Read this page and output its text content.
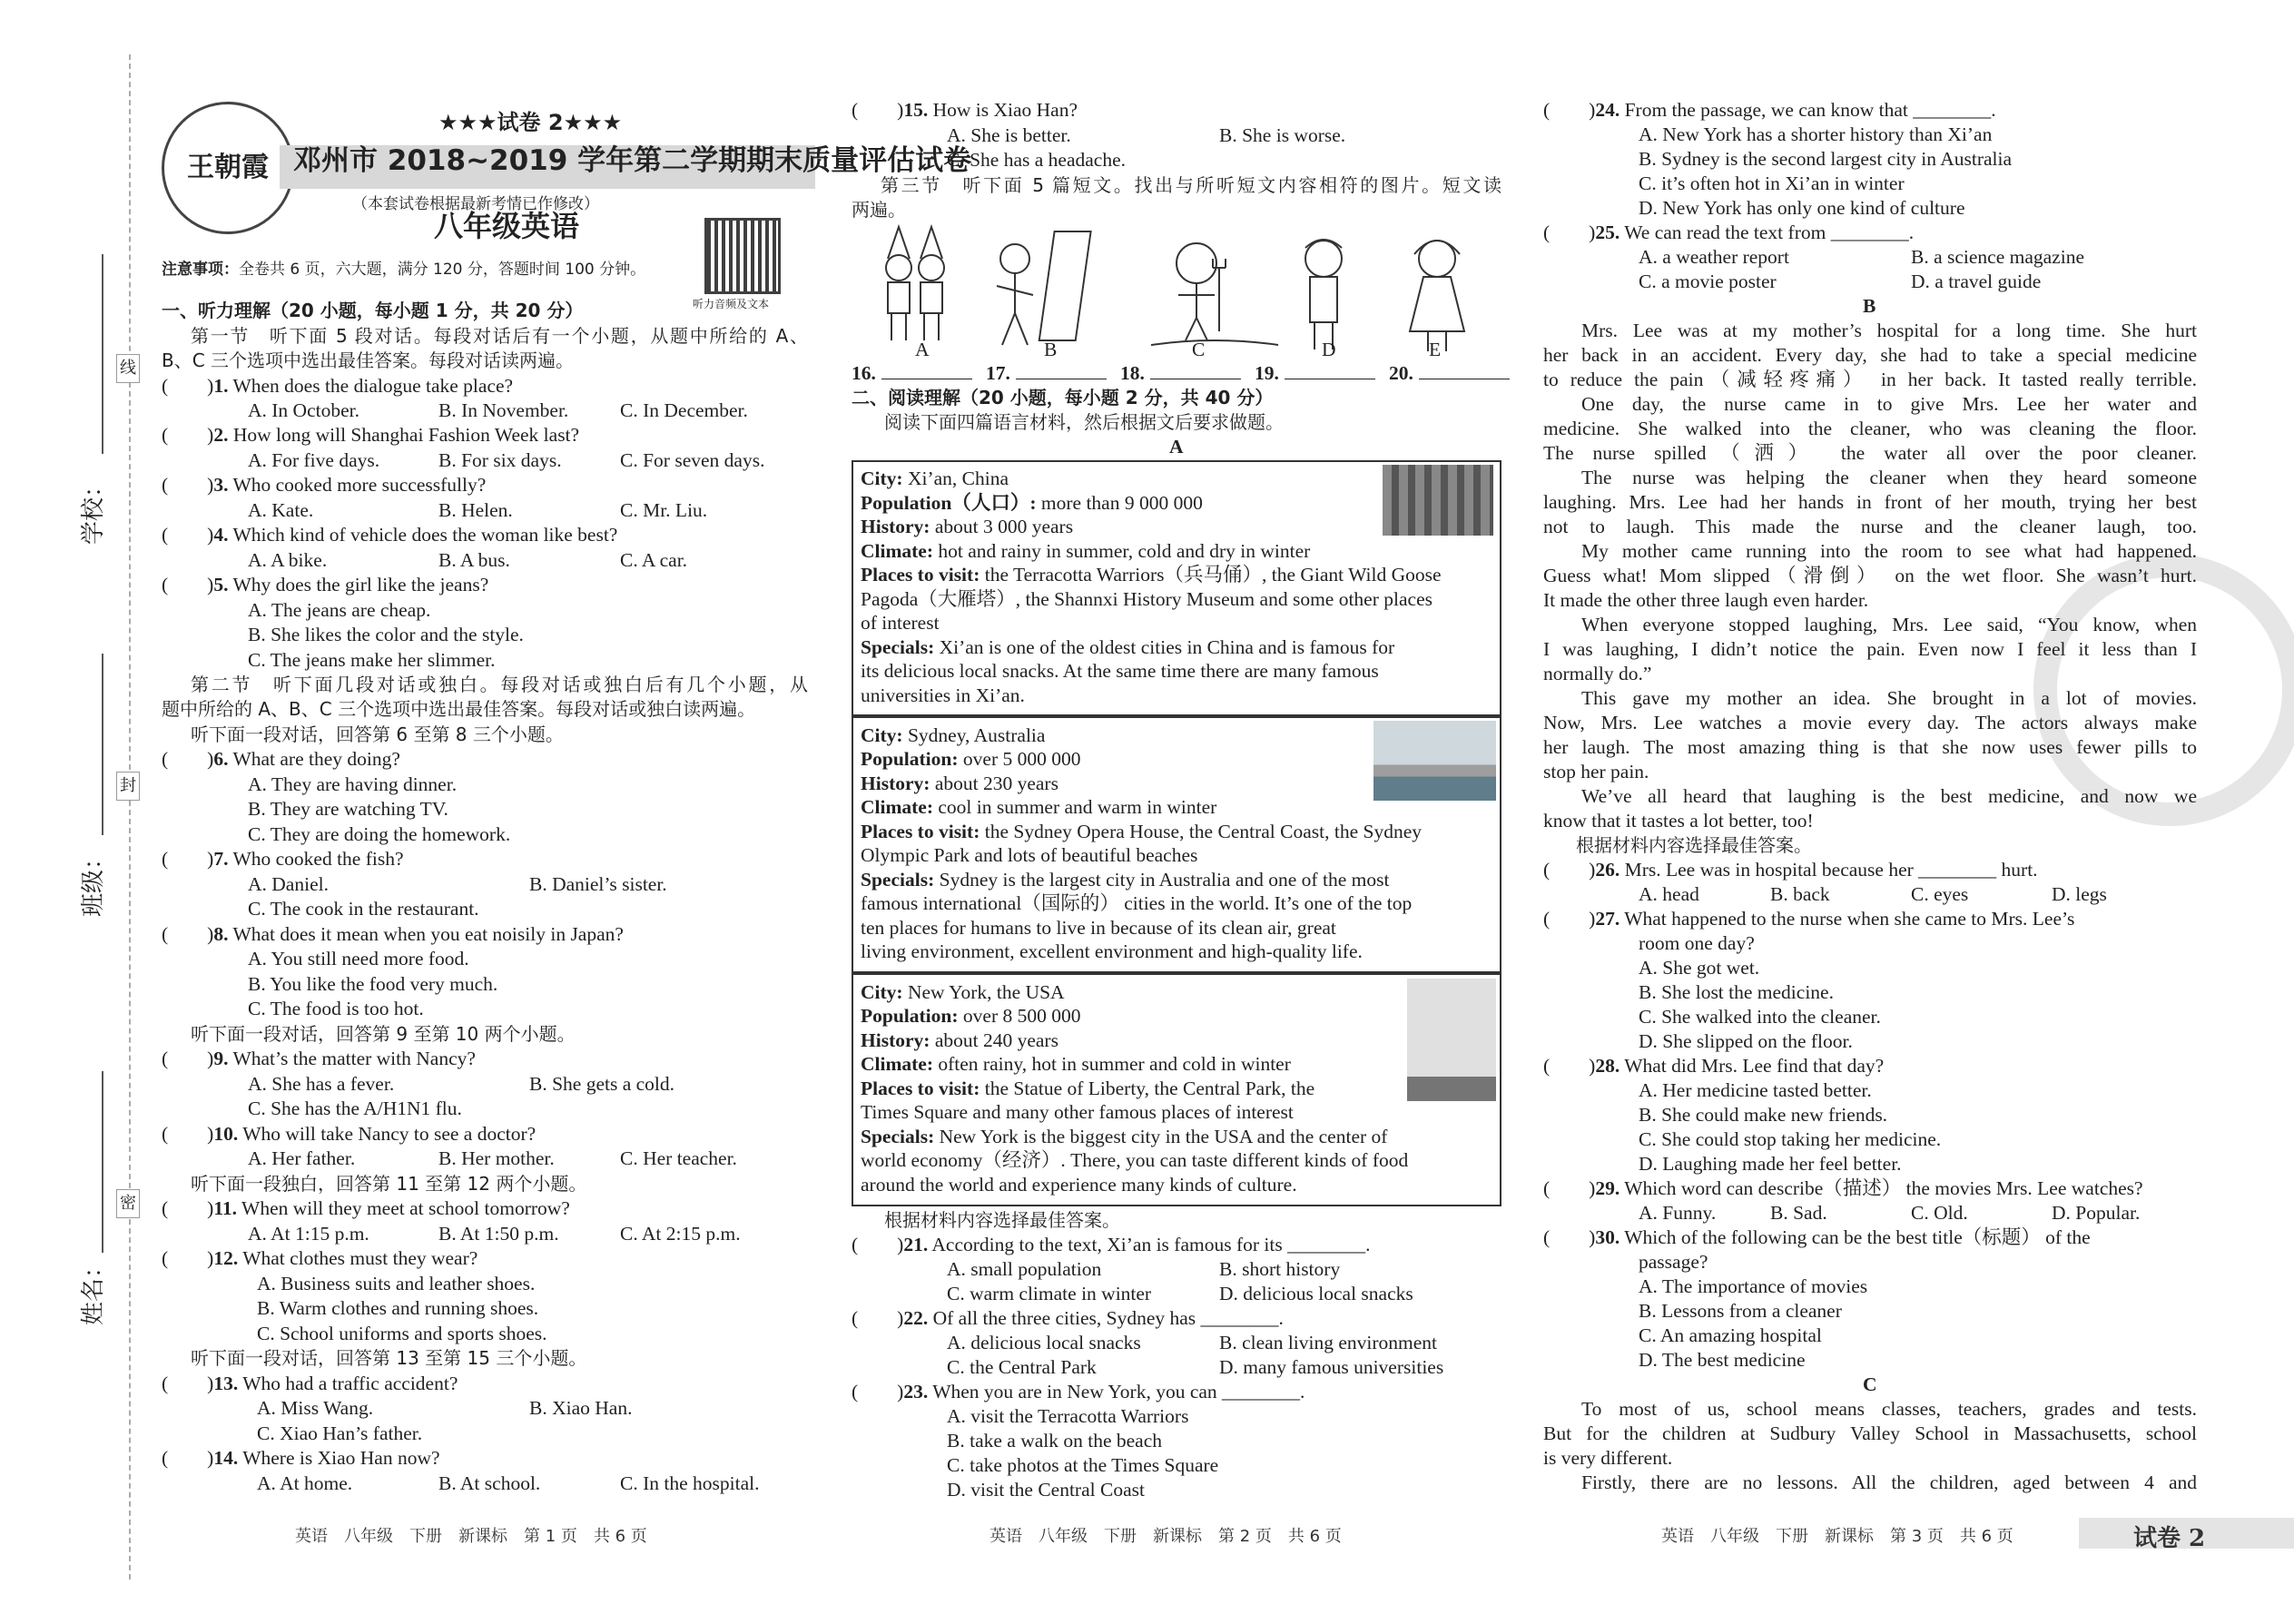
学校：
班级：
姓名：
线
封
密
王朝霞
★★★试卷 2★★★
邓州市 2018~2019 学年第二学期期末质量评估试卷
（本套试卷根据最新考情已作修改）
八年级英语
听力音频及文本
注意事项：全卷共 6 页，六大题，满分 120 分，答题时间 100 分钟。
一、听力理解（20 小题，每小题 1 分，共 20 分）
第一节　听下面 5 段对话。每段对话后有一个小题，从题中所给的 A、
B、C 三个选项中选出最佳答案。每段对话读两遍。
(　　)1. When does the dialogue take place?
A. In October.	B. In November.	C. In December.
(　　)2. How long will Shanghai Fashion Week last?
A. For five days.	B. For six days.	C. For seven days.
(　　)3. Who cooked more successfully?
A. Kate.	B. Helen.	C. Mr. Liu.
(　　)4. Which kind of vehicle does the woman like best?
A. A bike.	B. A bus.	C. A car.
(　　)5. Why does the girl like the jeans?
A. The jeans are cheap.
B. She likes the color and the style.
C. The jeans make her slimmer.
第二节　听下面几段对话或独白。每段对话或独白后有几个小题，从
题中所给的 A、B、C 三个选项中选出最佳答案。每段对话或独白读两遍。
听下面一段对话，回答第 6 至第 8 三个小题。
(　　)6. What are they doing?
A. They are having dinner.
B. They are watching TV.
C. They are doing the homework.
(　　)7. Who cooked the fish?
A. Daniel.	B. Daniel’s sister.
C. The cook in the restaurant.
(　　)8. What does it mean when you eat noisily in Japan?
A. You still need more food.
B. You like the food very much.
C. The food is too hot.
听下面一段对话，回答第 9 至第 10 两个小题。
(　　)9. What’s the matter with Nancy?
A. She has a fever.	B. She gets a cold.
C. She has the A/H1N1 flu.
(　　)10. Who will take Nancy to see a doctor?
A. Her father.	B. Her mother.	C. Her teacher.
听下面一段独白，回答第 11 至第 12 两个小题。
(　　)11. When will they meet at school tomorrow?
A. At 1:15 p.m.	B. At 1:50 p.m.	C. At 2:15 p.m.
(　　)12. What clothes must they wear?
A. Business suits and leather shoes.
B. Warm clothes and running shoes.
C. School uniforms and sports shoes.
听下面一段对话，回答第 13 至第 15 三个小题。
(　　)13. Who had a traffic accident?
A. Miss Wang.	B. Xiao Han.
C. Xiao Han’s father.
(　　)14. Where is Xiao Han now?
A. At home.	B. At school.	C. In the hospital.
(　　)15. How is Xiao Han?
A. She is better.	B. She is worse.
C. She has a headache.
第三节　听下面 5 篇短文。找出与所听短文内容相符的图片。短文读
两遍。
A	B	C	D	E
16.	17.	18.	19.	20.
二、阅读理解（20 小题，每小题 2 分，共 40 分）
阅读下面四篇语言材料，然后根据文后要求做题。
A
City: Xi’an, China
Population（人口）: more than 9 000 000
History: about 3 000 years
Climate: hot and rainy in summer, cold and dry in winter
Places to visit: the Terracotta Warriors（兵马俑）, the Giant Wild Goose
Pagoda（大雁塔）, the Shannxi History Museum and some other places
of interest
Specials: Xi’an is one of the oldest cities in China and is famous for
its delicious local snacks. At the same time there are many famous
universities in Xi’an.
City: Sydney, Australia
Population: over 5 000 000
History: about 230 years
Climate: cool in summer and warm in winter
Places to visit: the Sydney Opera House, the Central Coast, the Sydney
Olympic Park and lots of beautiful beaches
Specials: Sydney is the largest city in Australia and one of the most
famous international（国际的） cities in the world. It’s one of the top
ten places for humans to live in because of its clean air, great
living environment, excellent environment and high-quality life.
City: New York, the USA
Population: over 8 500 000
History: about 240 years
Climate: often rainy, hot in summer and cold in winter
Places to visit: the Statue of Liberty, the Central Park, the
Times Square and many other famous places of interest
Specials: New York is the biggest city in the USA and the center of
world economy（经济）. There, you can taste different kinds of food
around the world and experience many kinds of culture.
根据材料内容选择最佳答案。
(　　)21. According to the text, Xi’an is famous for its ________.
A. small population	B. short history
C. warm climate in winter	D. delicious local snacks
(　　)22. Of all the three cities, Sydney has ________.
A. delicious local snacks	B. clean living environment
C. the Central Park	D. many famous universities
(　　)23. When you are in New York, you can ________.
A. visit the Terracotta Warriors
B. take a walk on the beach
C. take photos at the Times Square
D. visit the Central Coast
(　　)24. From the passage, we can know that ________.
A. New York has a shorter history than Xi’an
B. Sydney is the second largest city in Australia
C. it’s often hot in Xi’an in winter
D. New York has only one kind of culture
(　　)25. We can read the text from ________.
A. a weather report	B. a science magazine
C. a movie poster	D. a travel guide
B
Mrs. Lee was at my mother’s hospital for a long time. She hurt
her back in an accident. Every day, she had to take a special medicine
to reduce the pain（减轻疼痛） in her back. It tasted really terrible.
One day, the nurse came in to give Mrs. Lee her water and
medicine. She walked into the cleaner, who was cleaning the floor.
The nurse spilled（洒） the water all over the poor cleaner.
The nurse was helping the cleaner when they heard someone
laughing. Mrs. Lee had her hands in front of her mouth, trying her best
not to laugh. This made the nurse and the cleaner laugh, too.
My mother came running into the room to see what had happened.
Guess what! Mom slipped（滑倒） on the wet floor. She wasn’t hurt.
It made the other three laugh even harder.
When everyone stopped laughing, Mrs. Lee said, “You know, when
I was laughing, I didn’t notice the pain. Even now I feel it less than I
normally do.”
This gave my mother an idea. She brought in a lot of movies.
Now, Mrs. Lee watches a movie every day. The actors always make
her laugh. The most amazing thing is that she now uses fewer pills to
stop her pain.
We’ve all heard that laughing is the best medicine, and now we
know that it tastes a lot better, too!
根据材料内容选择最佳答案。
(　　)26. Mrs. Lee was in hospital because her ________ hurt.
A. head	B. back	C. eyes	D. legs
(　　)27. What happened to the nurse when she came to Mrs. Lee’s
room one day?
A. She got wet.
B. She lost the medicine.
C. She walked into the cleaner.
D. She slipped on the floor.
(　　)28. What did Mrs. Lee find that day?
A. Her medicine tasted better.
B. She could make new friends.
C. She could stop taking her medicine.
D. Laughing made her feel better.
(　　)29. Which word can describe（描述） the movies Mrs. Lee watches?
A. Funny.	B. Sad.	C. Old.	D. Popular.
(　　)30. Which of the following can be the best title（标题） of the
passage?
A. The importance of movies
B. Lessons from a cleaner
C. An amazing hospital
D. The best medicine
C
To most of us, school means classes, teachers, grades and tests.
But for the children at Sudbury Valley School in Massachusetts, school
is very different.
Firstly, there are no lessons. All the children, aged between 4 and
英语　八年级　下册　新课标　第 1 页　共 6 页	英语　八年级　下册　新课标　第 2 页　共 6 页	英语　八年级　下册　新课标　第 3 页　共 6 页	试卷 2
